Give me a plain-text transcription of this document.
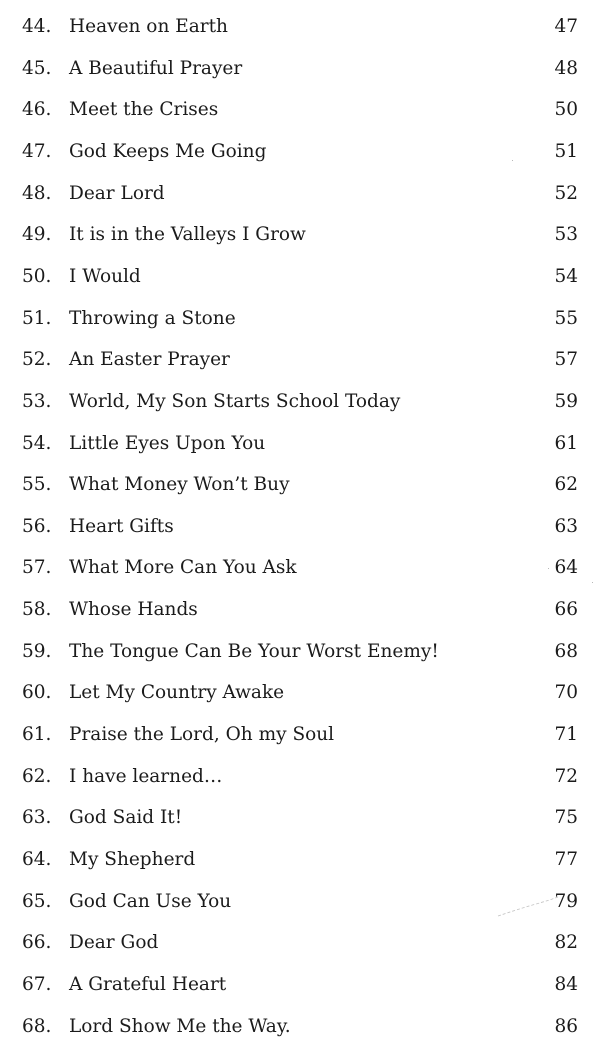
44. Heaven on Earth	47
45. A Beautiful Prayer	48
46. Meet the Crises	50
47. God Keeps Me Going	51
48. Dear Lord	52
49. It is in the Valleys I Grow	53
50. I Would	54
51. Throwing a Stone	55
52. An Easter Prayer	57
53. World, My Son Starts School Today	59
54. Little Eyes Upon You	61
55. What Money Won’t Buy	62
56. Heart Gifts	63
57. What More Can You Ask	64
58. Whose Hands	66
59. The Tongue Can Be Your Worst Enemy!	68
60. Let My Country Awake	70
61. Praise the Lord, Oh my Soul	71
62. I have learned…	72
63. God Said It!	75
64. My Shepherd	77
65. God Can Use You	79
66. Dear God	82
67. A Grateful Heart	84
68. Lord Show Me the Way.	86
